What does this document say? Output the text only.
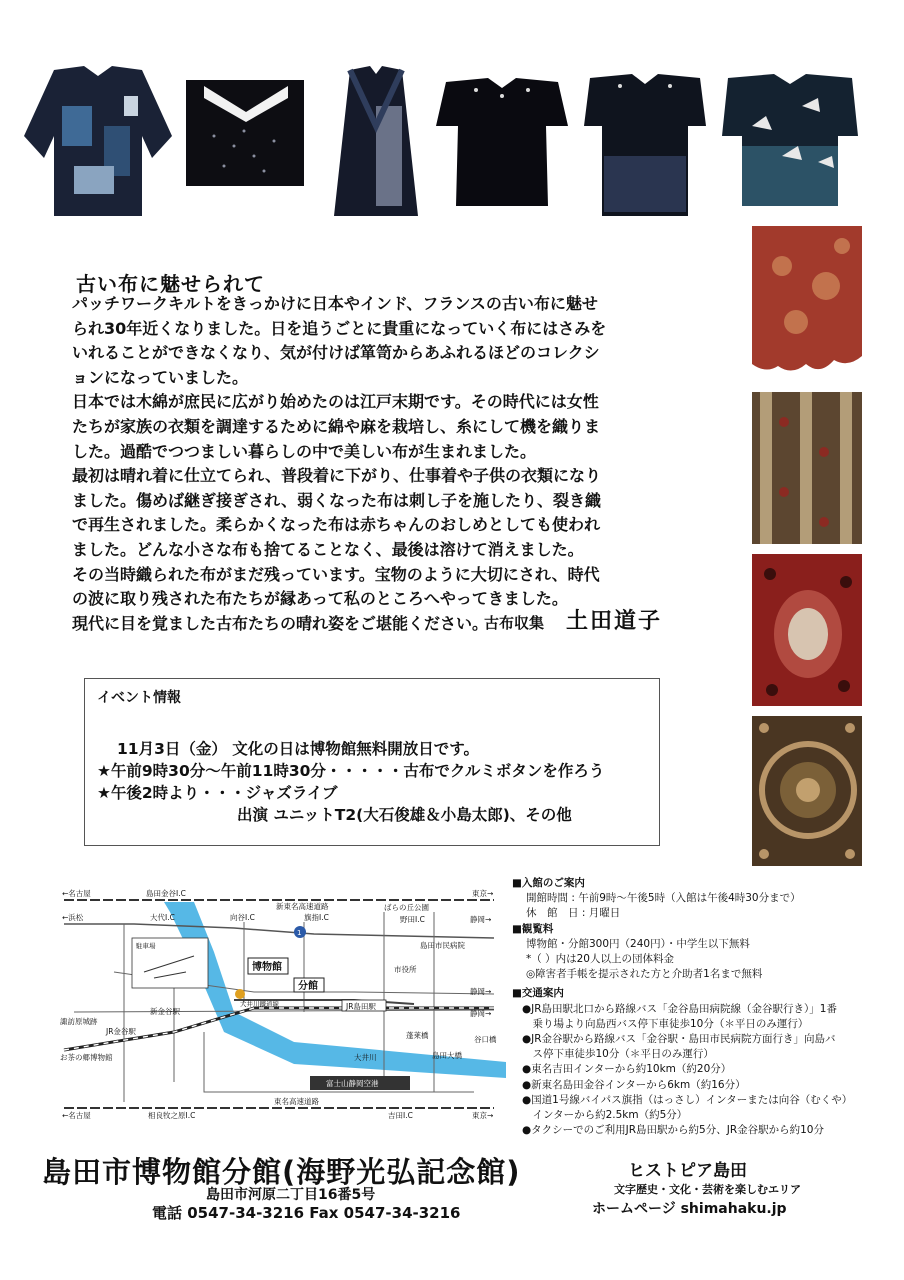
古い布に魅せられて

パッチワークキルトをきっかけに日本やインド、フランスの古い布に魅せ

られ30年近くなりました。日を追うごとに貴重になっていく布にはさみを

いれることができなくなり、気が付けば箪笥からあふれるほどのコレクシ

ョンになっていました。

日本では木綿が庶民に広がり始めたのは江戸末期です。その時代には女性

たちが家族の衣類を調達するために綿や麻を栽培し、糸にして機を織りま

した。過酷でつつましい暮らしの中で美しい布が生まれました。

最初は晴れ着に仕立てられ、普段着に下がり、仕事着や子供の衣類になり

ました。傷めば継ぎ接ぎされ、弱くなった布は刺し子を施したり、裂き織

で再生されました。柔らかくなった布は赤ちゃんのおしめとしても使われ

ました。どんな小さな布も捨てることなく、最後は溶けて消えました。

その当時織られた布がまだ残っています。宝物のように大切にされ、時代

の波に取り残された布たちが縁あって私のところへやってきました。

現代に目を覚ました古布たちの晴れ姿をご堪能ください。

古布収集 土田道子
イベント情報
11月3日（金） 文化の日は博物館無料開放日です。
★午前9時30分～午前11時30分・・・・・古布でクルミボタンを作ろう
★午後2時より・・・ジャズライブ
出演 ユニットT2(大石俊雄＆小島太郎)、その他
駐車場
博物館
分館
JR島田駅
JR金谷駅
新金谷駅
1
富士山静岡空港
←名古屋	島田金谷I.C
新東名高速道路
東京→
←浜松	大代I.C	向谷I.C	旗指I.C
ばらの丘公園
野田I.C	静岡→
島田市民病院
市役所
静岡→
静岡→
諏訪原城跡
お茶の郷博物館
大井川鐵道線
大井川
蓬莱橋
島田大橋
谷口橋
東名高速道路
←名古屋	相良牧之原I.C	吉田I.C	東京→
■入館のご案内
開館時間 : 午前9時～午後5時（入館は午後4時30分まで）
休　館　日 : 月曜日
■観覧料
博物館・分館300円（240円）・中学生以下無料
*（ ）内は20人以上の団体料金
◎障害者手帳を提示された方と介助者1名まで無料
■交通案内
●JR島田駅北口から路線バス「金谷島田病院線（金谷駅行き）」1番
　乗り場より向島西バス停下車徒歩10分（＊平日のみ運行）
●JR金谷駅から路線バス「金谷駅・島田市民病院方面行き」向島バ
　ス停下車徒歩10分（＊平日のみ運行）
●東名吉田インターから約10km（約20分）
●新東名島田金谷インターから6km（約16分）
●国道1号線バイパス旗指（はっさし）インターまたは向谷（むくや）
　インターから約2.5km（約5分）
●タクシーでのご利用JR島田駅から約5分、JR金谷駅から約10分
島田市博物館分館(海野光弘記念館)
島田市河原二丁目16番5号
電話 0547-34-3216 Fax 0547-34-3216
ヒストピア島田
文字歴史・文化・芸術を楽しむエリア
ホームページ shimahaku.jp
